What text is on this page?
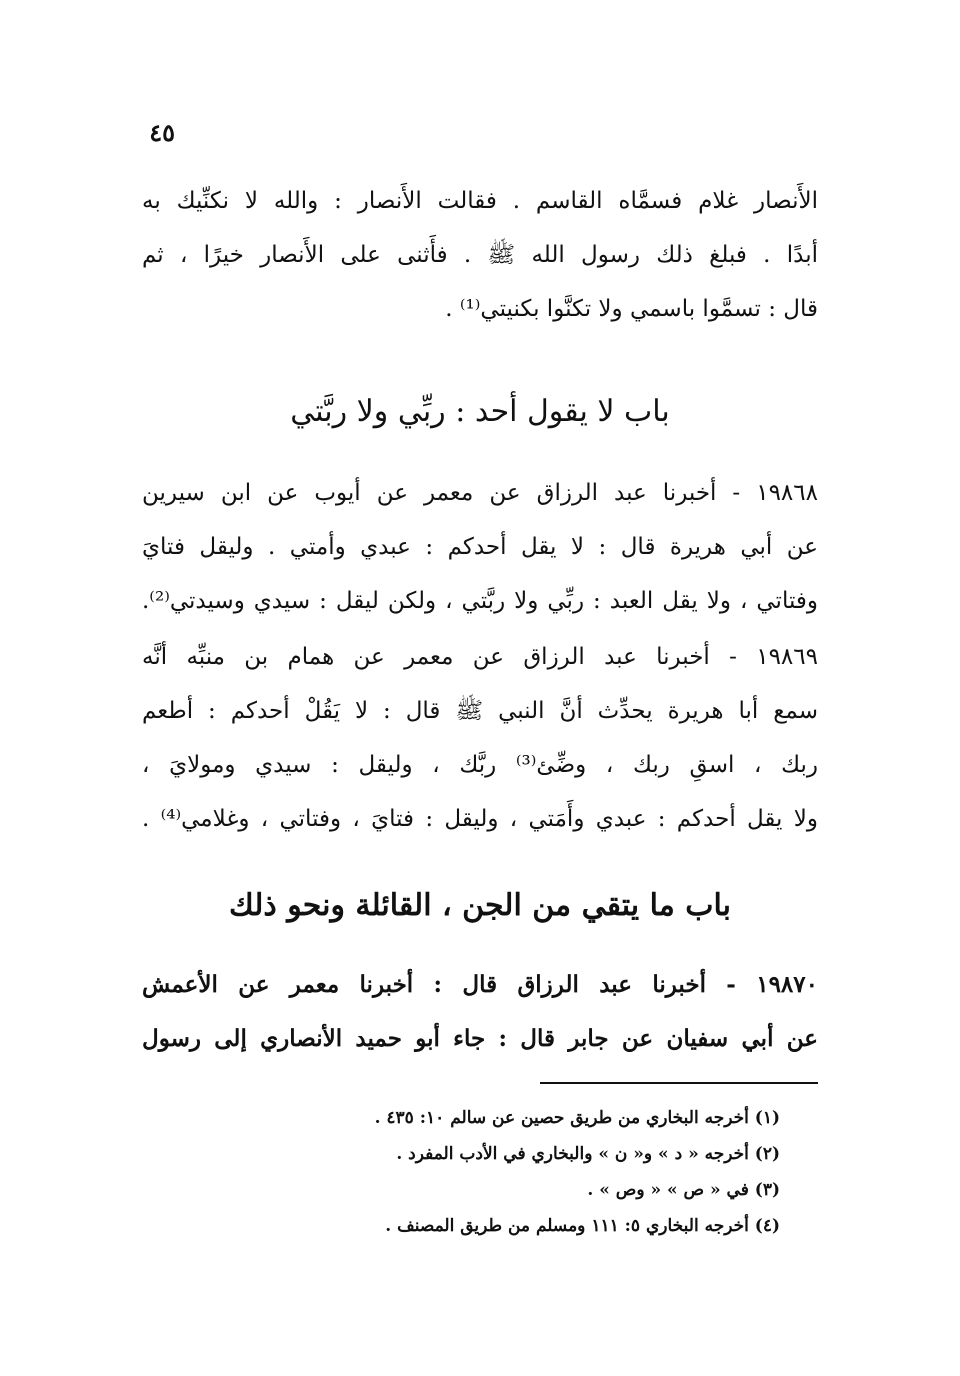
٤٥
الأَنصار غلام فسمَّاه القاسم . فقالت الأَنصار : والله لا نكنِّيك به
أبدًا . فبلغ ذلك رسول الله ﷺ . فأَثنى على الأَنصار خيرًا ، ثم
قال : تسمَّوا باسمي ولا تكنَّوا بكنيتي⁽¹⁾ .
باب لا يقول أحد : ربِّي ولا ربَّتي
١٩٨٦٨ - أخبرنا عبد الرزاق عن معمر عن أيوب عن ابن سيرين
عن أبي هريرة قال : لا يقل أحدكم : عبدي وأمتي . وليقل فتايَ
وفتاتي ، ولا يقل العبد : ربِّي ولا ربَّتي ، ولكن ليقل : سيدي وسيدتي⁽²⁾.
١٩٨٦٩ - أخبرنا عبد الرزاق عن معمر عن همام بن منبِّه أنَّه
سمع أبا هريرة يحدِّث أنَّ النبي ﷺ قال : لا يَقُلْ أحدكم : أطعم
ربك ، اسقِ ربك ، وضِّئ⁽³⁾ ربَّك ، وليقل : سيدي ومولايَ ،
ولا يقل أحدكم : عبدي وأَمَتي ، وليقل : فتايَ ، وفتاتي ، وغلامي⁽⁴⁾ .
باب ما يتقي من الجن ، القائلة ونحو ذلك
١٩٨٧٠ - أخبرنا عبد الرزاق قال : أخبرنا معمر عن الأعمش
عن أبي سفيان عن جابر قال : جاء أبو حميد الأنصاري إلى رسول
(١) أخرجه البخاري من طريق حصين عن سالم ١٠: ٤٣٥ .
(٢) أخرجه « د » و« ن » والبخاري في الأدب المفرد .
(٣) في « ص » « وص » .
(٤) أخرجه البخاري ٥: ١١١ ومسلم من طريق المصنف .
